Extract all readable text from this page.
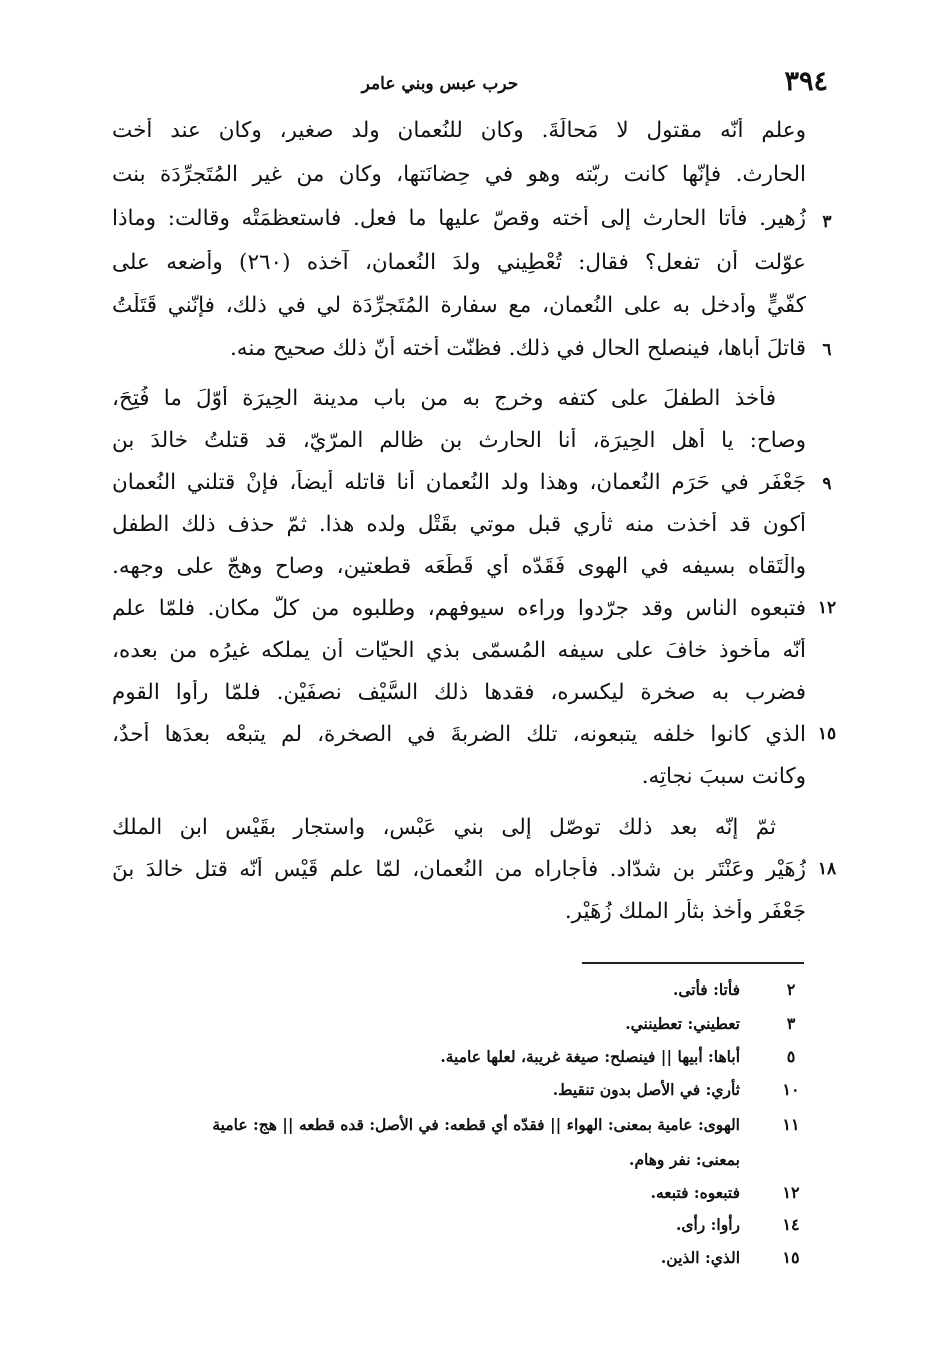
٣٩٤
حرب عبس وبني عامر
وعلم أنّه مقتول لا مَحالَةَ. وكان للنُعمان ولد صغير، وكان عند أخت
الحارث. فإنّها كانت ربّته وهو في حِضانَتها، وكان من غير المُتَجرِّدَة بنت
زُهير. فأتا الحارث إلى أخته وقصّ عليها ما فعل. فاستعظمَتْه وقالت: وماذا
عوّلت أن تفعل؟ فقال: تُعْطِيني ولدَ النُعمان، آخذه (٢٦٠) وأضعه على
كفّيٍّ وأدخل به على النُعمان، مع سفارة المُتَجرِّدَة لي في ذلك، فإنّني قَتَلْتُ
قاتلَ أباها، فينصلح الحال في ذلك. فظنّت أخته أنّ ذلك صحيح منه.
فأخذ الطفلَ على كتفه وخرج به من باب مدينة الحِيرَة أوّلَ ما فُتِحَ،
وصاح: يا أهل الحِيرَة، أنا الحارث بن ظالم المرّيّ، قد قتلتُ خالدَ بن
جَعْفَر في حَرَم النُعمان، وهذا ولد النُعمان أنا قاتله أيضاً، فإنْ قتلني النُعمان
أكون قد أخذت منه ثأري قبل موتي بقَتْل ولده هذا. ثمّ حذف ذلك الطفل
والْتَقاه بسيفه في الهوى فَقَدّه أي قَطَعَه قطعتين، وصاح وهجّ على وجهه.
فتبعوه الناس وقد جرّدوا وراءه سيوفهم، وطلبوه من كلّ مكان. فلمّا علم
أنّه مأخوذ خافَ على سيفه المُسمّى بذي الحيّات أن يملكه غيرُه من بعده،
فضرب به صخرة ليكسره، فقدها ذلك السَّيْف نصفَيْن. فلمّا رأوا القوم
الذي كانوا خلفه يتبعونه، تلك الضربةَ في الصخرة، لم يتبعْه بعدَها أحدٌ،
وكانت سببَ نجاتِه.
ثمّ إنّه بعد ذلك توصّل إلى بني عَبْس، واستجار بقَيْس ابن الملك
زُهَيْر وعَنْتَر بن شدّاد. فأجاراه من النُعمان، لمّا علم قَيْس أنّه قتل خالدَ بنَ
جَعْفَر وأخذ بثأر الملك زُهَيْر.
٣
٦
٩
١٢
١٥
١٨
٢
فأتا: فأتى.
٣
تعطيني: تعطينني.
٥
أباها: أبيها || فينصلح: صيغة غريبة، لعلها عامية.
١٠
ثأري: في الأصل بدون تنقيط.
١١
الهوى: عامية بمعنى: الهواء || فقدّه أي قطعه: في الأصل: قده قطعه || هج: عامية
بمعنى: نفر وهام.
١٢
فتبعوه: فتبعه.
١٤
رأوا: رأى.
١٥
الذي: الذين.
